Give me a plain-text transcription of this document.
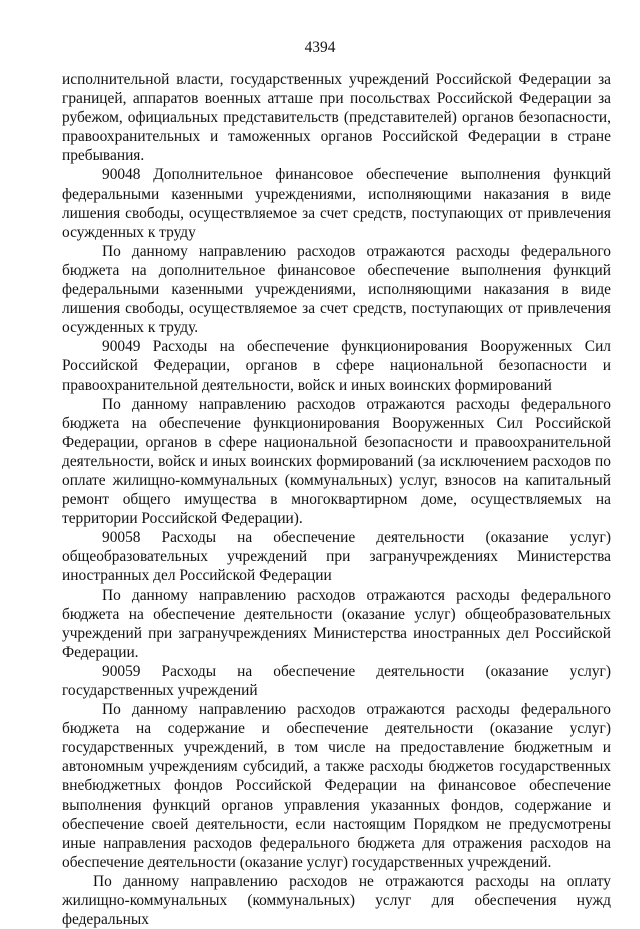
4394

исполнительной власти, государственных учреждений Российской Федерации за границей, аппаратов военных атташе при посольствах Российской Федерации за рубежом, официальных представительств (представителей) органов безопасности, правоохранительных и таможенных органов Российской Федерации в стране пребывания.

90048 Дополнительное финансовое обеспечение выполнения функций федеральными казенными учреждениями, исполняющими наказания в виде лишения свободы, осуществляемое за счет средств, поступающих от привлечения осужденных к труду

По данному направлению расходов отражаются расходы федерального бюджета на дополнительное финансовое обеспечение выполнения функций федеральными казенными учреждениями, исполняющими наказания в виде лишения свободы, осуществляемое за счет средств, поступающих от привлечения осужденных к труду.

90049 Расходы на обеспечение функционирования Вооруженных Сил Российской Федерации, органов в сфере национальной безопасности и правоохранительной деятельности, войск и иных воинских формирований

По данному направлению расходов отражаются расходы федерального бюджета на обеспечение функционирования Вооруженных Сил Российской Федерации, органов в сфере национальной безопасности и правоохранительной деятельности, войск и иных воинских формирований (за исключением расходов по оплате жилищно-коммунальных (коммунальных) услуг, взносов на капитальный ремонт общего имущества в многоквартирном доме, осуществляемых на территории Российской Федерации).

90058 Расходы на обеспечение деятельности (оказание услуг) общеобразовательных учреждений при загранучреждениях Министерства иностранных дел Российской Федерации

По данному направлению расходов отражаются расходы федерального бюджета на обеспечение деятельности (оказание услуг) общеобразовательных учреждений при загранучреждениях Министерства иностранных дел Российской Федерации.

90059 Расходы на обеспечение деятельности (оказание услуг) государственных учреждений

По данному направлению расходов отражаются расходы федерального бюджета на содержание и обеспечение деятельности (оказание услуг) государственных учреждений, в том числе на предоставление бюджетным и автономным учреждениям субсидий, а также расходы бюджетов государственных внебюджетных фондов Российской Федерации на финансовое обеспечение выполнения функций органов управления указанных фондов, содержание и обеспечение своей деятельности, если настоящим Порядком не предусмотрены иные направления расходов федерального бюджета для отражения расходов на обеспечение деятельности (оказание услуг) государственных учреждений.

По данному направлению расходов не отражаются расходы на оплату жилищно-коммунальных (коммунальных) услуг для обеспечения нужд федеральных
